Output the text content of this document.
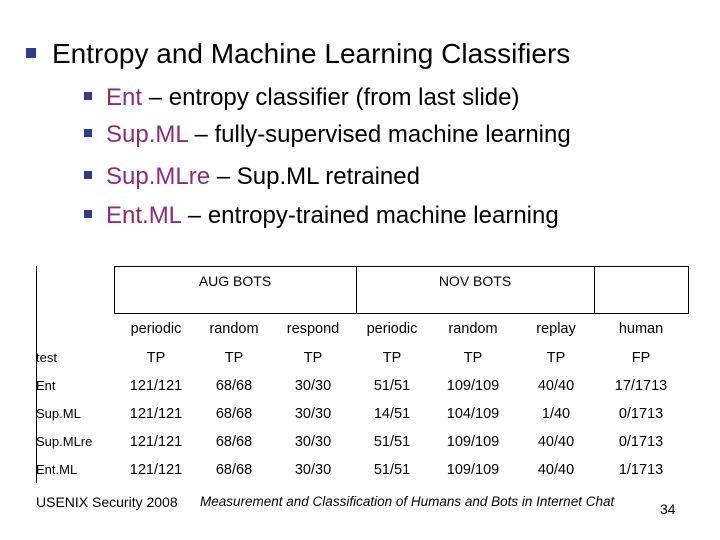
Entropy and Machine Learning Classifiers
Ent – entropy classifier (from last slide)
Sup.ML – fully-supervised machine learning
Sup.MLre – Sup.ML retrained
Ent.ML – entropy-trained machine learning
	AUG BOTS			NOV BOTS			
	periodic	random	respond	periodic	random	replay	human
test	TP	TP	TP	TP	TP	TP	FP
Ent	121/121	68/68	30/30	51/51	109/109	40/40	17/1713
Sup.ML	121/121	68/68	30/30	14/51	104/109	1/40	0/1713
Sup.MLre	121/121	68/68	30/30	51/51	109/109	40/40	0/1713
Ent.ML	121/121	68/68	30/30	51/51	109/109	40/40	1/1713
USENIX Security 2008 Measurement and Classification of Humans and Bots in Internet Chat	34
